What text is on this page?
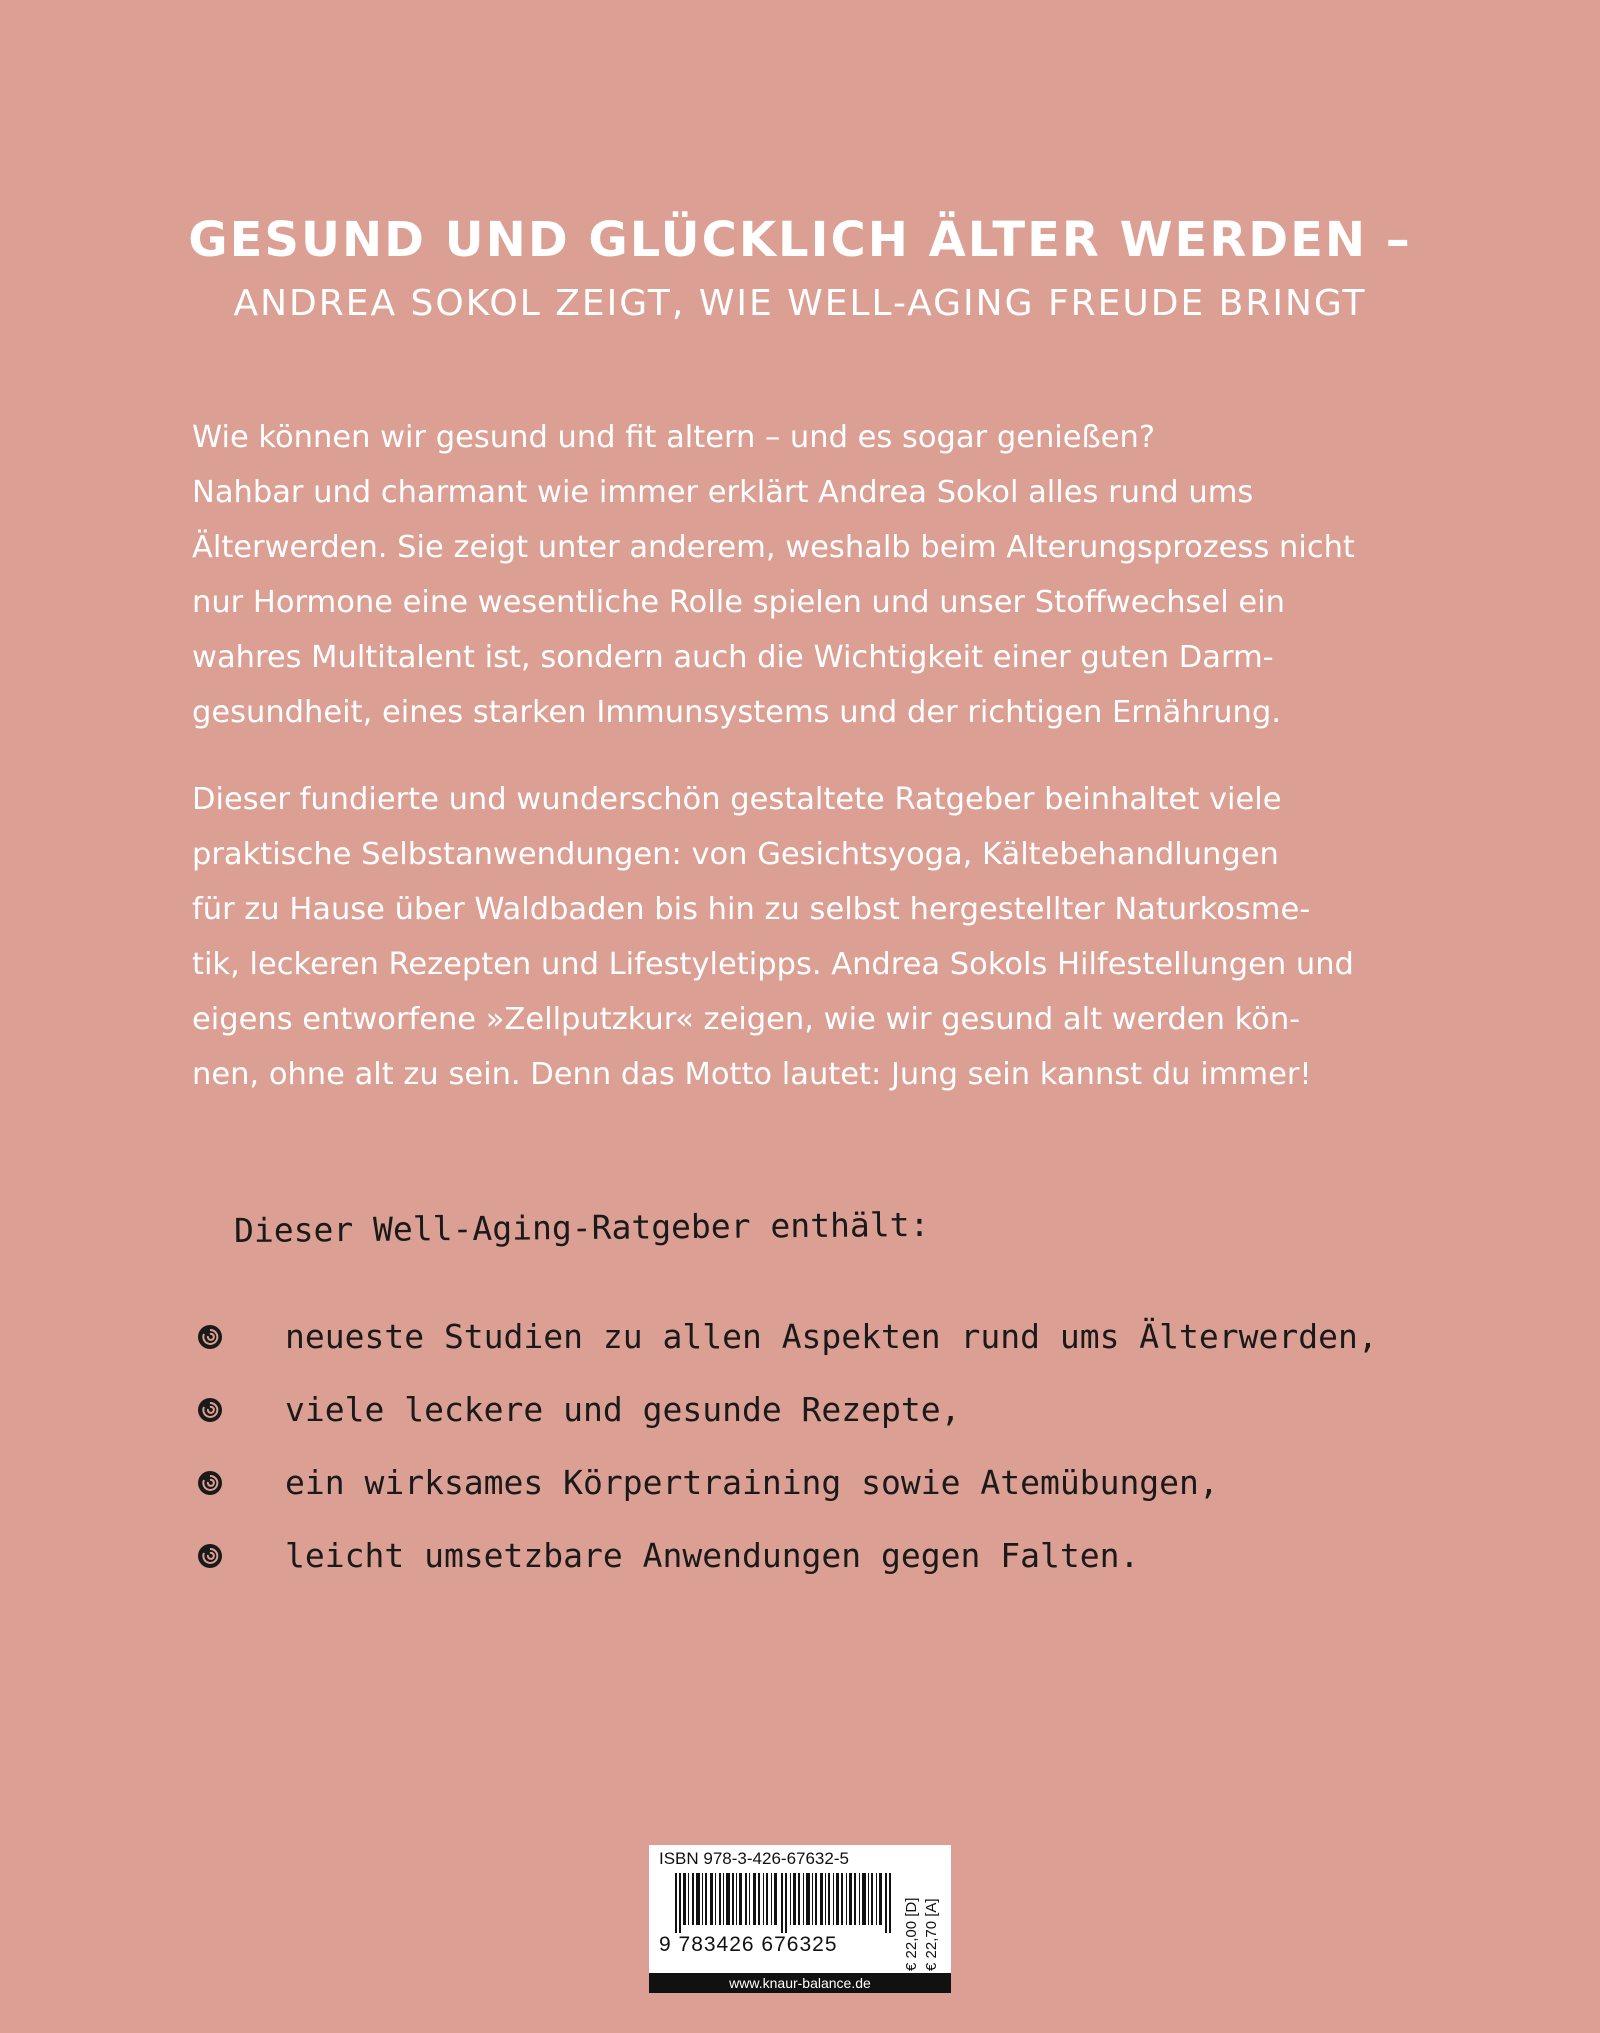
GESUND UND GLÜCKLICH ÄLTER WERDEN –
ANDREA SOKOL ZEIGT, WIE WELL-AGING FREUDE BRINGT
Wie können wir gesund und fit altern – und es sogar genießen?
Nahbar und charmant wie immer erklärt Andrea Sokol alles rund ums
Älterwerden. Sie zeigt unter anderem, weshalb beim Alterungsprozess nicht
nur Hormone eine wesentliche Rolle spielen und unser Stoffwechsel ein
wahres Multitalent ist, sondern auch die Wichtigkeit einer guten Darm-
gesundheit, eines starken Immunsystems und der richtigen Ernährung.
Dieser fundierte und wunderschön gestaltete Ratgeber beinhaltet viele
praktische Selbstanwendungen: von Gesichtsyoga, Kältebehandlungen
für zu Hause über Waldbaden bis hin zu selbst hergestellter Naturkosme-
tik, leckeren Rezepten und Lifestyletipps. Andrea Sokols Hilfestellungen und
eigens entworfene »Zellputzkur« zeigen, wie wir gesund alt werden kön-
nen, ohne alt zu sein. Denn das Motto lautet: Jung sein kannst du immer!
Dieser Well-Aging-Ratgeber enthält:
neueste Studien zu allen Aspekten rund ums Älterwerden,
viele leckere und gesunde Rezepte,
ein wirksames Körpertraining sowie Atemübungen,
leicht umsetzbare Anwendungen gegen Falten.
ISBN 978-3-426-67632-5
9 783426 676325	€ 22,00 [D] € 22,70 [A]
www.knaur-balance.de
